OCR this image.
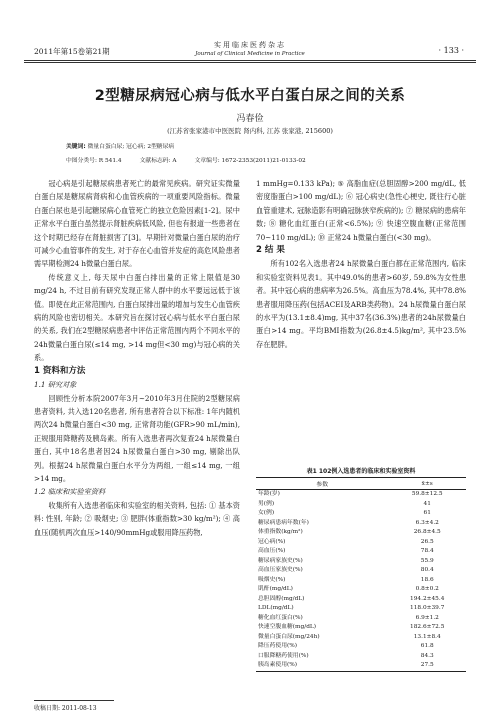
2011年第15卷第21期
实用临床医药杂志
Journal of Clinical Medicine in Practice	· 133 ·
2型糖尿病冠心病与低水平白蛋白尿之间的关系
冯春俭
(江苏省张家港市中医医院 肾内科, 江苏 张家港, 215600)
关键词: 微量白蛋白尿; 冠心病; 2型糖尿病
中图分类号: R 541.4	文献标志码: A	文章编号: 1672-2353(2011)21-0133-02

冠心病是引起糖尿病患者死亡的最常见疾病。研究证实微量白蛋白尿是糖尿病肾病和心血管疾病的一项重要风险指标。微量白蛋白尿也是引起糖尿病心血管死亡的独立危险因素[1-2]。尿中正常水平白蛋白虽然提示肾脏疾病低风险, 但也有报道一些患者在这个时期已经存在肾脏损害了[3]。早期针对微量白蛋白尿的治疗可减少心血管事件的发生, 对于存在心血管并发症的高危风险患者需早期检测24 h微量白蛋白尿。

传统意义上, 每天尿中白蛋白排出量的正常上限值是30 mg/24 h, 不过目前有研究发现正常人群中的水平要远远低于该值。即使在此正常范围内, 白蛋白尿排出量的增加与发生心血管疾病的风险也密切相关。本研究旨在探讨冠心病与低水平白蛋白尿的关系, 我们在2型糖尿病患者中评估正常范围内两个不同水平的24h微量白蛋白尿(≤14 mg, >14 mg但<30 mg)与冠心病的关系。

1 资料和方法

1.1 研究对象

回顾性分析本院2007年3月~2010年3月住院的2型糖尿病患者资料, 共入选120名患者, 所有患者符合以下标准: 1年内随机两次24 h微量白蛋白<30 mg, 正常肾功能(GFR>90 mL/min), 正规服用降糖药及胰岛素。所有入选患者再次复查24 h尿微量白蛋白, 其中18名患者因24 h尿微量白蛋白>30 mg, 剔除出队列。根据24 h尿微量白蛋白水平分为两组, 一组≤14 mg, 一组>14 mg。

1.2 临床和实验室资料

收集所有入选患者临床和实验室的相关资料, 包括: ① 基本资料: 性别, 年龄; ② 吸烟史; ③ 肥胖(体重指数>30 kg/m²); ④ 高血压(随机两次血压>140/90mmHg或服用降压药物,

1 mmHg=0.133 kPa); ⑤ 高脂血症(总胆固醇>200 mg/dL, 低密度脂蛋白>100 mg/dL); ⑥ 冠心病史(急性心梗史, 既往行心脏血管重建术, 冠脉造影有明确冠脉狭窄疾病的); ⑦ 糖尿病的患病年数; ⑧ 糖化血红蛋白(正常<6.5%); ⑨ 快速空腹血糖(正常范围70~110 mg/dL); ⑩ 正常24 h微量白蛋白(<30 mg)。

2 结 果

所有102名入选患者24 h尿微量白蛋白都在正常范围内, 临床和实验室资料见表1。其中49.0%的患者>60岁, 59.8%为女性患者。其中冠心病的患病率为26.5%。高血压为78.4%, 其中78.8%患者服用降压药(包括ACEI及ARB类药物)。24 h尿微量白蛋白尿的水平为(13.1±8.4)mg, 其中37名(36.3%)患者的24h尿微量白蛋白>14 mg。平均BMI指数为(26.8±4.5)kg/m², 其中23.5%存在肥胖。

表1 102例入选患者的临床和实验室资料
参数	x̄±s
年龄(岁)	59.8±12.5
男(例)	41
女(例)	61
糖尿病患病年数(年)	6.3±4.2
体重指数(kg/m²)	26.8±4.5
冠心病(%)	26.5
高血压(%)	78.4
糖尿病家族史(%)	55.9
高血压家族史(%)	80.4
吸烟史(%)	18.6
肌酐(mg/dL)	0.8±0.2
总胆固醇(mg/dL)	194.2±45.4
LDL(mg/dL)	118.0±39.7
糖化血红蛋白(%)	6.9±1.2
快速空腹血糖(mg/dL)	182.6±72.5
微量白蛋白尿(mg/24h)	13.1±8.4
降压药使用(%)	61.8
口服降糖药使用(%)	84.3
胰岛素使用(%)	27.5
收稿日期: 2011-08-13
